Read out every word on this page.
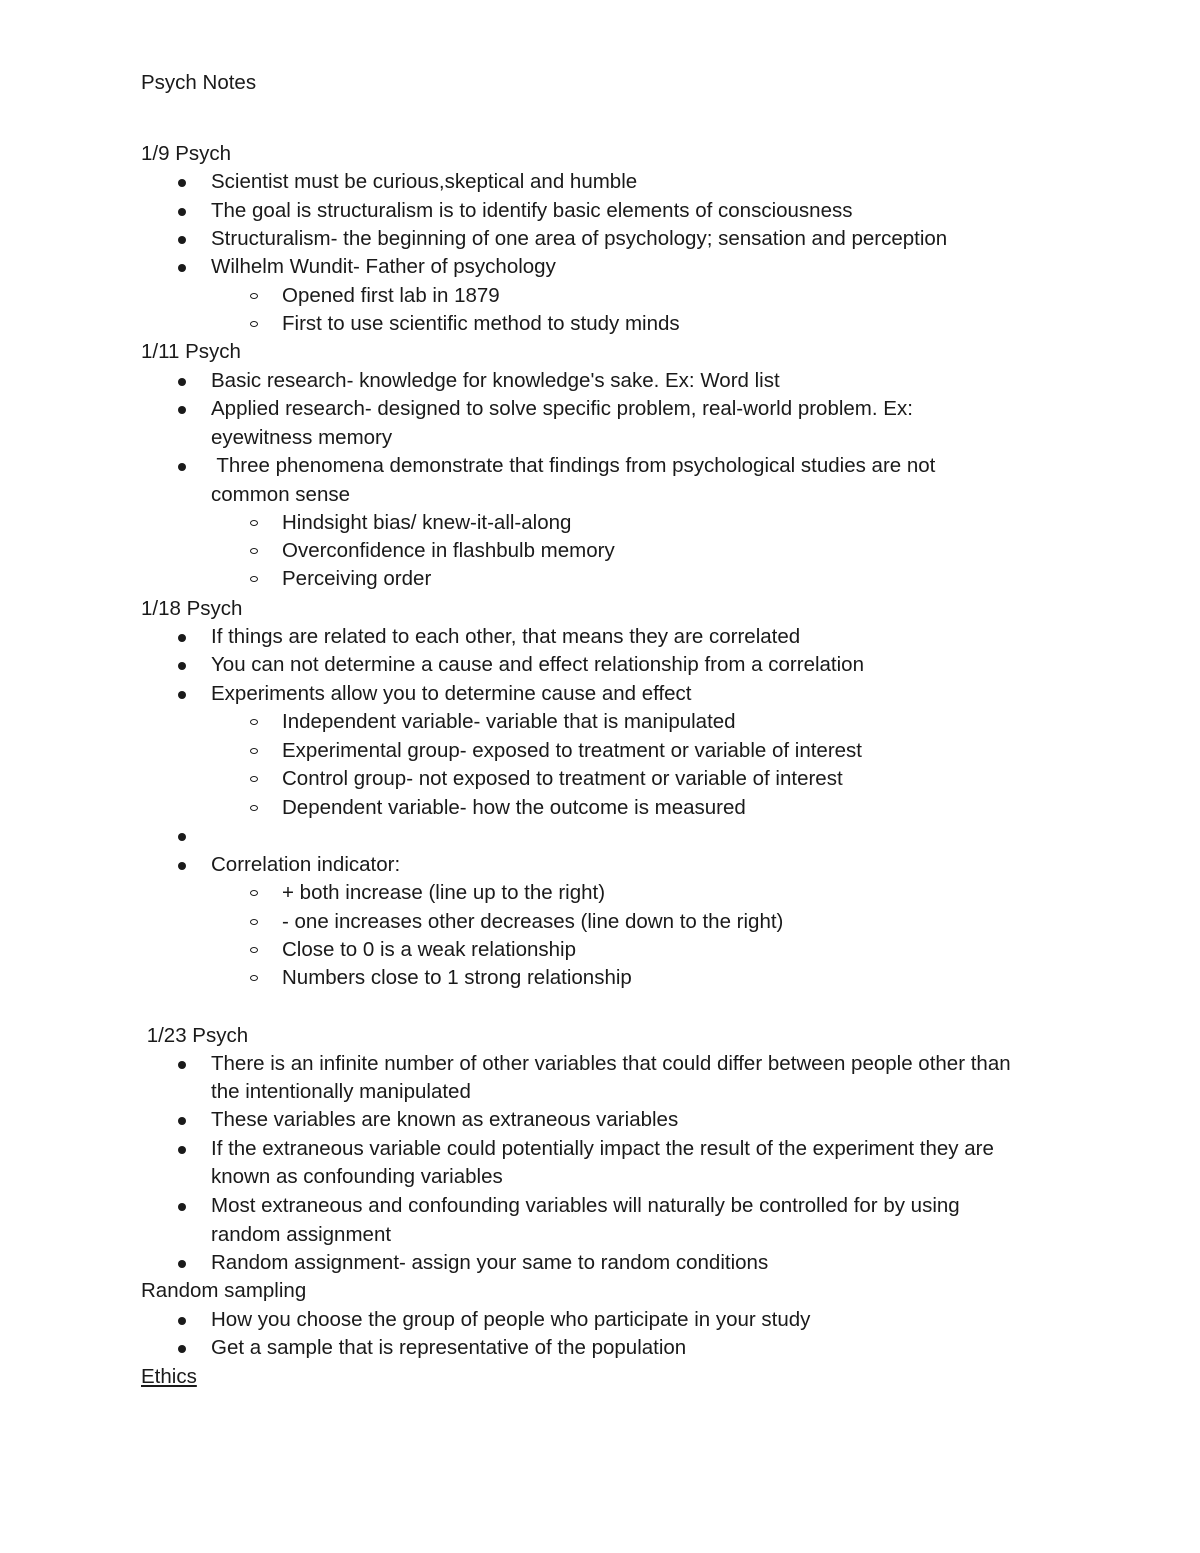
Psych Notes
1/9 Psych
Scientist must be curious,skeptical and humble
The goal is structuralism is to identify basic elements of consciousness
Structuralism- the beginning of one area of psychology; sensation and perception
Wilhelm Wundit- Father of psychology
Opened first lab in 1879
First to use scientific method to study minds
1/11 Psych
Basic research- knowledge for knowledge's sake. Ex: Word list
Applied research- designed to solve specific problem, real-world problem. Ex:
eyewitness memory
Three phenomena demonstrate that findings from psychological studies are not
common sense
Hindsight bias/ knew-it-all-along
Overconfidence in flashbulb memory
Perceiving order
1/18 Psych
If things are related to each other, that means they are correlated
You can not determine a cause and effect relationship from a correlation
Experiments allow you to determine cause and effect
Independent variable- variable that is manipulated
Experimental group- exposed to treatment or variable of interest
Control group- not exposed to treatment or variable of interest
Dependent variable- how the outcome is measured
Correlation indicator:
+ both increase (line up to the right)
- one increases other decreases (line down to the right)
Close to 0 is a weak relationship
Numbers close to 1 strong relationship
1/23 Psych
There is an infinite number of other variables that could differ between people other than
the intentionally manipulated
These variables are known as extraneous variables
If the extraneous variable could potentially impact the result of the experiment they are
known as confounding variables
Most extraneous and confounding variables will naturally be controlled for by using
random assignment
Random assignment- assign your same to random conditions
Random sampling
How you choose the group of people who participate in your study
Get a sample that is representative of the population
Ethics
